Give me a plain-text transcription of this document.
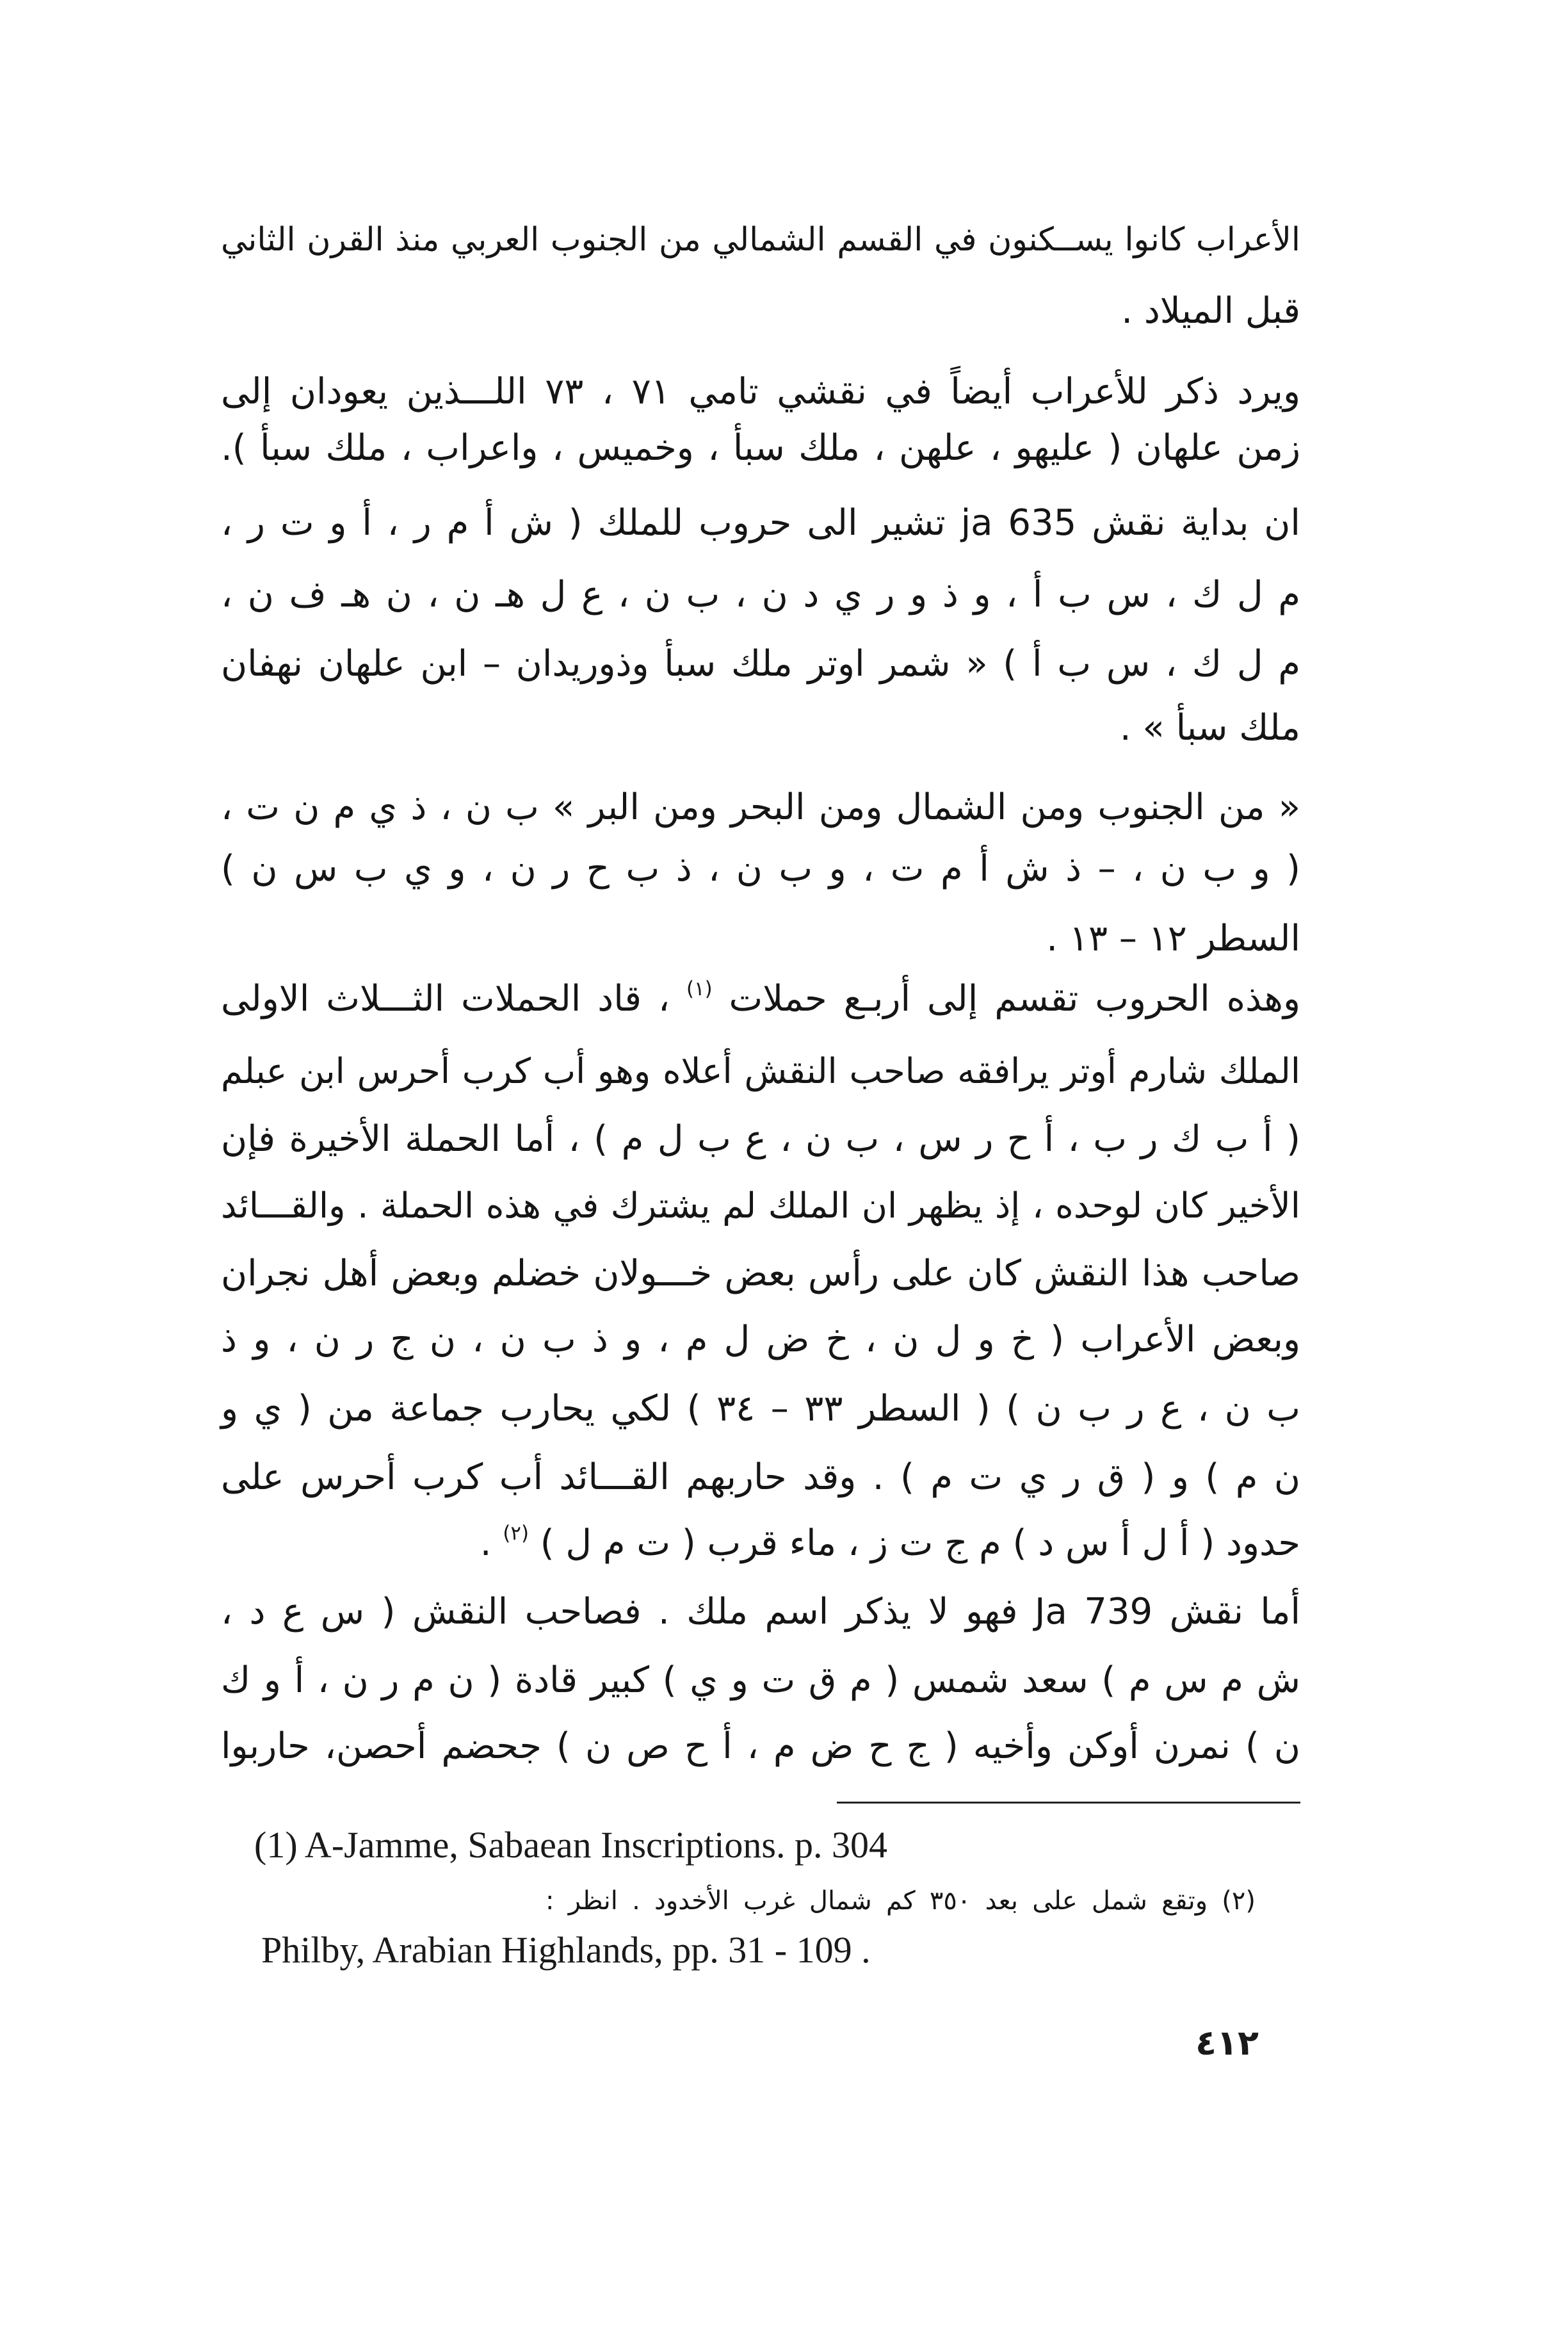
الأعراب كانوا يســكنون في القسم الشمالي من الجنوب العربي منذ القرن الثاني
قبل الميلاد .
ويرد ذكر للأعراب أيضاً في نقشي تامي ٧١ ، ٧٣ اللـــذين يعودان إلى
زمن علهان ( عليهو ، علهن ، ملك سبأ ، وخميس ، واعراب ، ملك سبأ ).
ان بداية نقش ja 635 تشير الى حروب للملك ( ش أ م ر ، أ و ت ر ،
م ل ك ، س ب أ ، و ذ و ر ي د ن ، ب ن ، ع ل هـ ن ، ن هـ ف ن ،
م ل ك ، س ب أ ) « شمر اوتر ملك سبأ وذوريدان – ابن علهان نهفان
ملك سبأ » .
« من الجنوب ومن الشمال ومن البحر ومن البر » ب ن ، ذ ي م ن ت ،
( و ب ن ، – ذ ش أ م ت ، و ب ن ، ذ ب ح ر ن ، و ي ب س ن )
السطر ١٢ – ١٣ .
وهذه الحروب تقسم إلى أربـع حملات $^{(١)}$ ، قاد الحملات الثـــلاث الاولى
الملك شارم أوتر يرافقه صاحب النقش أعلاه وهو أب كرب أحرس ابن عبلم
( أ ب ك ر ب ، أ ح ر س ، ب ن ، ع ب ل م ) ، أما الحملة الأخيرة فإن
الأخير كان لوحده ، إذ يظهر ان الملك لم يشترك في هذه الحملة . والقـــائد
صاحب هذا النقش كان على رأس بعض خـــولان خضلم وبعض أهل نجران
وبعض الأعراب ( خ و ل ن ، خ ض ل م ، و ذ ب ن ، ن ج ر ن ، و ذ
ب ن ، ع ر ب ن ) ( السطر ٣٣ – ٣٤ ) لكي يحارب جماعة من ( ي و
ن م ) و ( ق ر ي ت م ) . وقد حاربهم القـــائد أب كرب أحرس على
حدود ( أ ل أ س د ) م ج ت ز ، ماء قرب ( ت م ل ) $^{(٢)}$ .
أما نقش Ja 739 فهو لا يذكر اسم ملك . فصاحب النقش ( س ع د ،
ش م س م ) سعد شمس ( م ق ت و ي ) كبير قادة ( ن م ر ن ، أ و ك
ن ) نمرن أوكن وأخيه ( ج ح ض م ، أ ح ص ن ) جحضم أحصن، حاربوا
(1) A-Jamme, Sabaean Inscriptions. p. 304
(٢) وتقع شمل على بعد ٣٥٠ كم شمال غرب الأخدود . انظر :
Philby, Arabian Highlands, pp. 31 - 109 .
٤١٢
